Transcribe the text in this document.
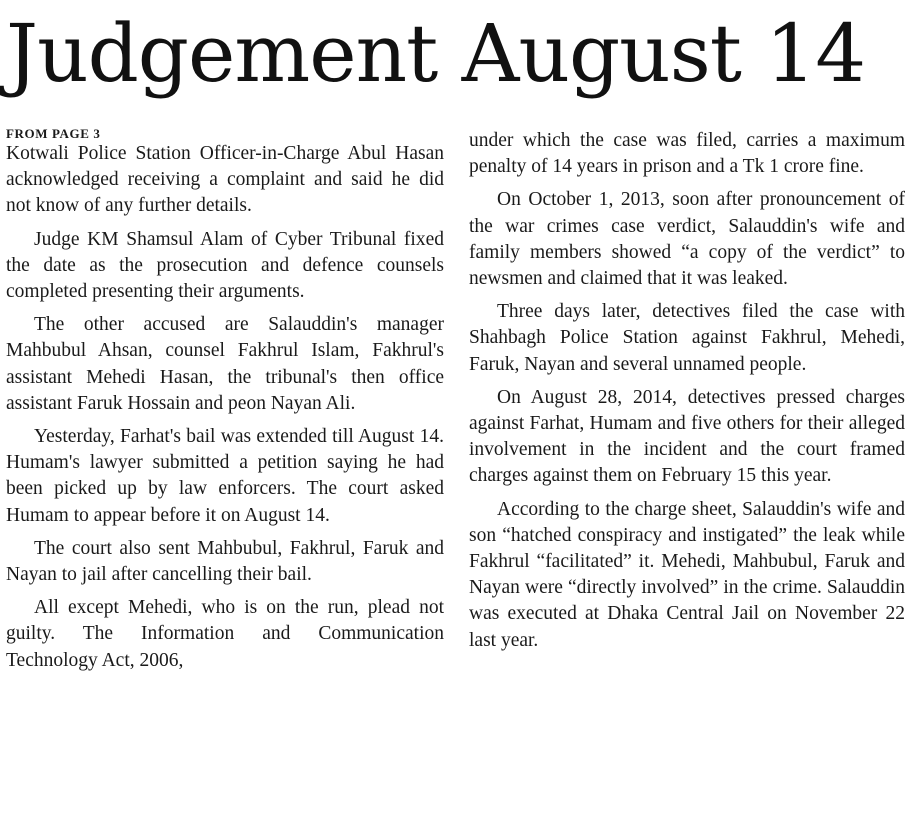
Judgement August 14
FROM PAGE 3

Kotwali Police Station Officer-in-Charge Abul Hasan acknowledged receiving a complaint and said he did not know of any further details.

Judge KM Shamsul Alam of Cyber Tribunal fixed the date as the prosecution and defence counsels completed presenting their arguments.

The other accused are Salauddin's manager Mahbubul Ahsan, counsel Fakhrul Islam, Fakhrul's assistant Mehedi Hasan, the tribunal's then office assistant Faruk Hossain and peon Nayan Ali.

Yesterday, Farhat's bail was extended till August 14. Humam's lawyer submitted a petition saying he had been picked up by law enforcers. The court asked Humam to appear before it on August 14.

The court also sent Mahbubul, Fakhrul, Faruk and Nayan to jail after cancelling their bail.

All except Mehedi, who is on the run, plead not guilty. The Information and Communication Technology Act, 2006,

under which the case was filed, carries a maximum penalty of 14 years in prison and a Tk 1 crore fine.

On October 1, 2013, soon after pronouncement of the war crimes case verdict, Salauddin's wife and family members showed “a copy of the verdict” to newsmen and claimed that it was leaked.

Three days later, detectives filed the case with Shahbagh Police Station against Fakhrul, Mehedi, Faruk, Nayan and several unnamed people.

On August 28, 2014, detectives pressed charges against Farhat, Humam and five others for their alleged involvement in the incident and the court framed charges against them on February 15 this year.

According to the charge sheet, Salauddin's wife and son “hatched conspiracy and instigated” the leak while Fakhrul “facilitated” it. Mehedi, Mahbubul, Faruk and Nayan were “directly involved” in the crime. Salauddin was executed at Dhaka Central Jail on November 22 last year.
